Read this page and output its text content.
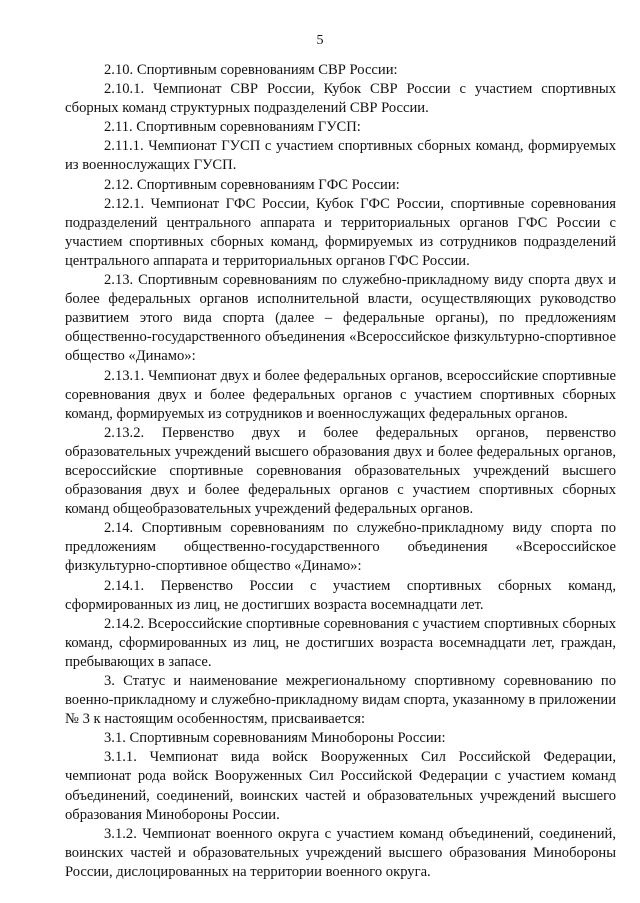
5

2.10. Спортивным соревнованиям СВР России:

2.10.1. Чемпионат СВР России, Кубок СВР России с участием спортивных сборных команд структурных подразделений СВР России.

2.11. Спортивным соревнованиям ГУСП:

2.11.1. Чемпионат ГУСП с участием спортивных сборных команд, формируемых из военнослужащих ГУСП.

2.12. Спортивным соревнованиям ГФС России:

2.12.1. Чемпионат ГФС России, Кубок ГФС России, спортивные соревнования подразделений центрального аппарата и территориальных органов ГФС России с участием спортивных сборных команд, формируемых из сотрудников подразделений центрального аппарата и территориальных органов ГФС России.

2.13. Спортивным соревнованиям по служебно-прикладному виду спорта двух и более федеральных органов исполнительной власти, осуществляющих руководство развитием этого вида спорта (далее – федеральные органы), по предложениям общественно-государственного объединения «Всероссийское физкультурно-спортивное общество «Динамо»:

2.13.1. Чемпионат двух и более федеральных органов, всероссийские спортивные соревнования двух и более федеральных органов с участием спортивных сборных команд, формируемых из сотрудников и военнослужащих федеральных органов.

2.13.2. Первенство двух и более федеральных органов, первенство образовательных учреждений высшего образования двух и более федеральных органов, всероссийские спортивные соревнования образовательных учреждений высшего образования двух и более федеральных органов с участием спортивных сборных команд общеобразовательных учреждений федеральных органов.

2.14. Спортивным соревнованиям по служебно-прикладному виду спорта по предложениям общественно-государственного объединения «Всероссийское физкультурно-спортивное общество «Динамо»:

2.14.1. Первенство России с участием спортивных сборных команд, сформированных из лиц, не достигших возраста восемнадцати лет.

2.14.2. Всероссийские спортивные соревнования с участием спортивных сборных команд, сформированных из лиц, не достигших возраста восемнадцати лет, граждан, пребывающих в запасе.

3. Статус и наименование межрегиональному спортивному соревнованию по военно-прикладному и служебно-прикладному видам спорта, указанному в приложении № 3 к настоящим особенностям, присваивается:

3.1. Спортивным соревнованиям Минобороны России:

3.1.1. Чемпионат вида войск Вооруженных Сил Российской Федерации, чемпионат рода войск Вооруженных Сил Российской Федерации с участием команд объединений, соединений, воинских частей и образовательных учреждений высшего образования Минобороны России.

3.1.2. Чемпионат военного округа с участием команд объединений, соединений, воинских частей и образовательных учреждений высшего образования Минобороны России, дислоцированных на территории военного округа.
